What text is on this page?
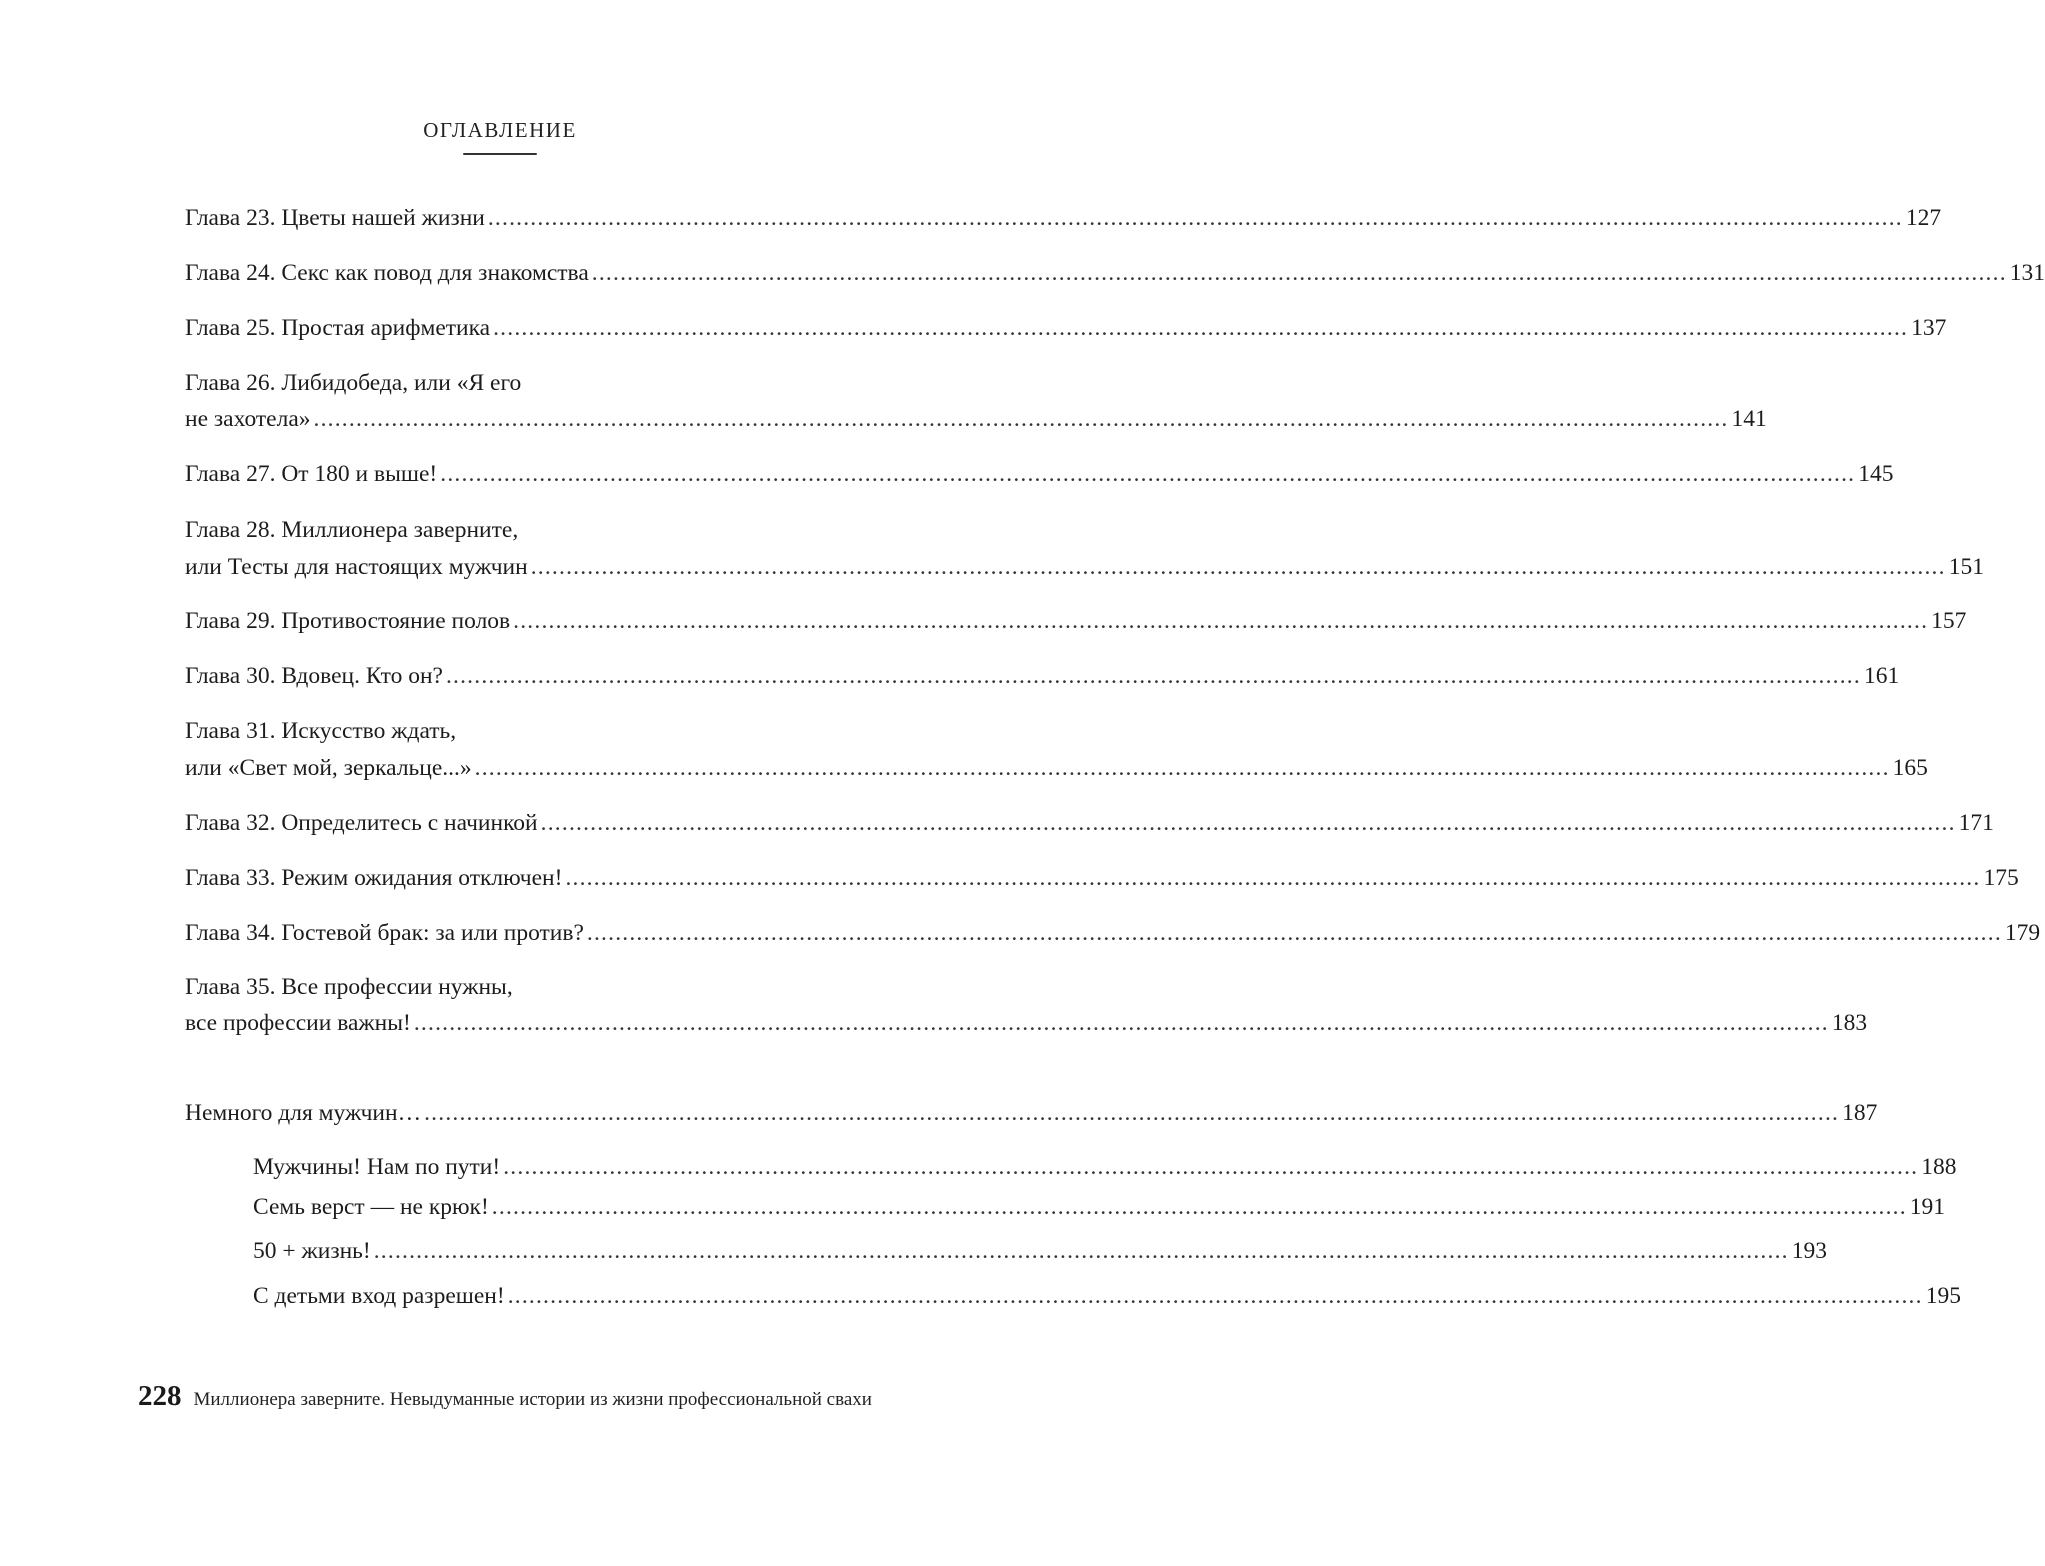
ОГЛАВЛЕНИЕ
Глава 23. Цветы нашей жизни ........................................................................................................................................................................................................ 127
Глава 24. Секс как повод для знакомства ........................................................................................................................................................................................................ 131
Глава 25. Простая арифметика ........................................................................................................................................................................................................ 137
Глава 26. Либидобеда, или «Я его
не захотела» ........................................................................................................................................................................................................ 141
Глава 27. От 180 и выше! ........................................................................................................................................................................................................ 145
Глава 28. Миллионера заверните,
или Тесты для настоящих мужчин ........................................................................................................................................................................................................ 151
Глава 29. Противостояние полов ........................................................................................................................................................................................................ 157
Глава 30. Вдовец. Кто он? ........................................................................................................................................................................................................ 161
Глава 31. Искусство ждать,
или «Свет мой, зеркальце...» ........................................................................................................................................................................................................ 165
Глава 32. Определитесь с начинкой ........................................................................................................................................................................................................ 171
Глава 33. Режим ожидания отключен! ........................................................................................................................................................................................................ 175
Глава 34. Гостевой брак: за или против? ........................................................................................................................................................................................................ 179
Глава 35. Все профессии нужны,
все профессии важны! ........................................................................................................................................................................................................ 183
Немного для мужчин… ........................................................................................................................................................................................................ 187
Мужчины! Нам по пути! ........................................................................................................................................................................................................ 188
Семь верст — не крюк! ........................................................................................................................................................................................................ 191
50 + жизнь! ........................................................................................................................................................................................................ 193
С детьми вход разрешен! ........................................................................................................................................................................................................ 195
228 Миллионера заверните. Невыдуманные истории из жизни профессиональной свахи
